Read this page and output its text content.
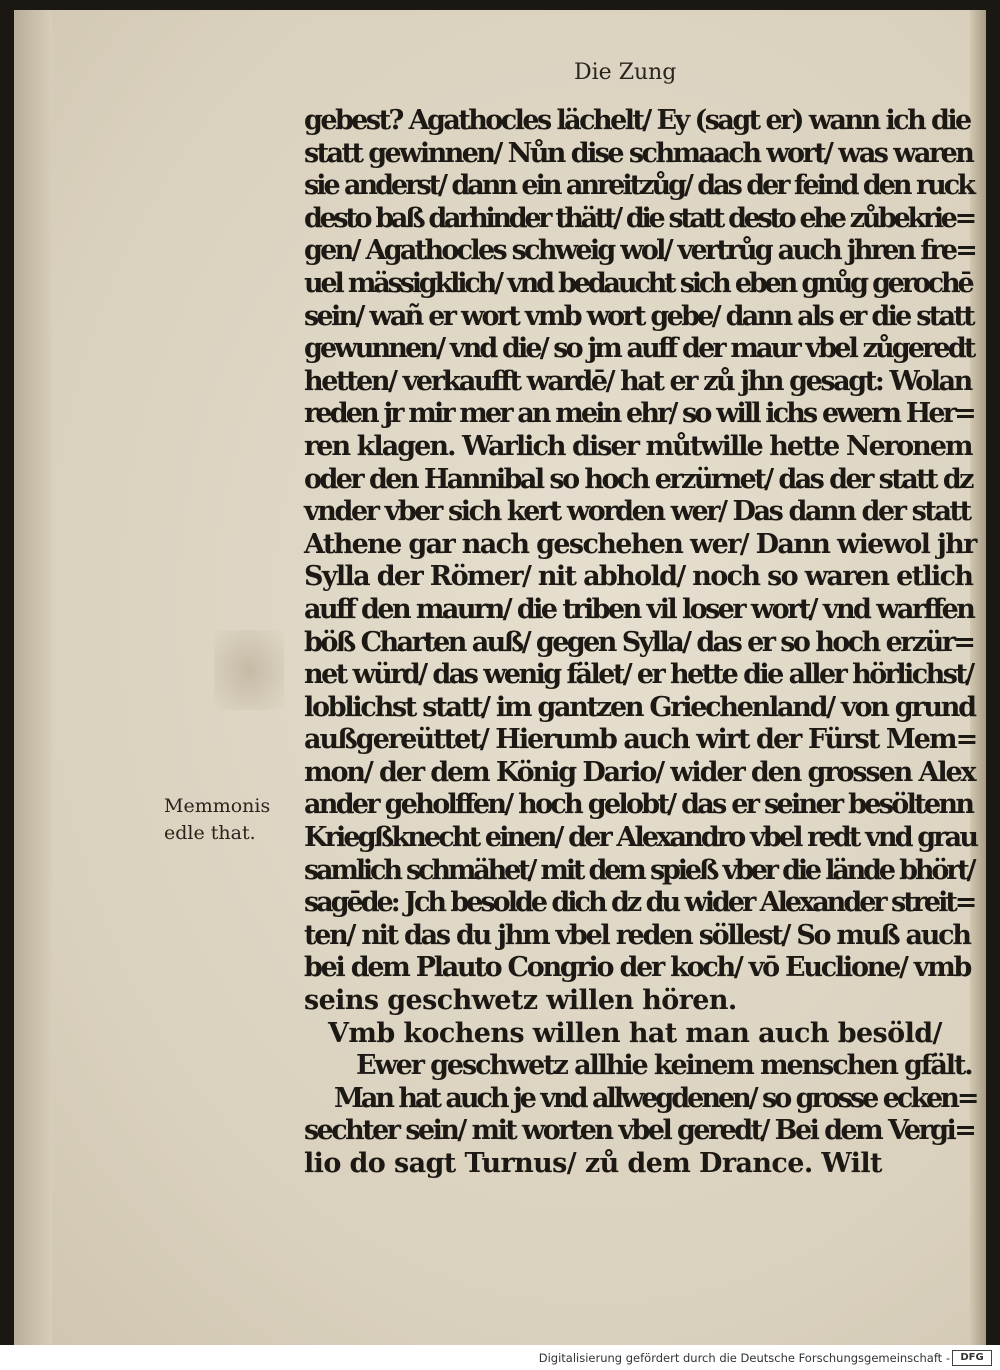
Die Zung
Memmonis
edle that.
gebest? Agathocles lächelt/ Ey (sagt er) wann ich die
statt gewinnen/ Nůn dise schmaach wort/ was waren
sie anderst/ dann ein anreitzůg/ das der feind den ruck
desto baß darhinder thätt/ die statt desto ehe zůbekrie=
gen/ Agathocles schweig wol/ vertrůg auch jhren fre=
uel mässigklich/ vnd bedaucht sich eben gnůg gerochē
sein/ wañ er wort vmb wort gebe/ dann als er die statt
gewunnen/ vnd die/ so jm auff der maur vbel zůgeredt
hetten/ verkaufft wardē/ hat er zů jhn gesagt: Wolan
reden jr mir mer an mein ehr/ so will ichs ewern Her=
ren klagen. Warlich diser můtwille hette Neronem
oder den Hannibal so hoch erzürnet/ das der statt dz
vnder vber sich kert worden wer/ Das dann der statt
Athene gar nach geschehen wer/ Dann wiewol jhr
Sylla der Römer/ nit abhold/ noch so waren etlich
auff den maurn/ die triben vil loser wort/ vnd warffen
böß Charten auß/ gegen Sylla/ das er so hoch erzür=
net würd/ das wenig fälet/ er hette die aller hörlichst/
loblichst statt/ im gantzen Griechenland/ von grund
außgereüttet/ Hierumb auch wirt der Fürst Mem=
mon/ der dem König Dario/ wider den grossen Alex
ander geholffen/ hoch gelobt/ das er seiner besöltenn
Kriegßknecht einen/ der Alexandro vbel redt vnd grau
samlich schmähet/ mit dem spieß vber die lände bhört/
sagēde: Jch besolde dich dz du wider Alexander streit=
ten/ nit das du jhm vbel reden söllest/ So muß auch
bei dem Plauto Congrio der koch/ vō Euclione/ vmb
seins geschwetz willen hören.
Vmb kochens willen hat man auch besöld/
Ewer geschwetz allhie keinem menschen gfält.
Man hat auch je vnd allwegdenen/ so grosse ecken=
sechter sein/ mit worten vbel geredt/ Bei dem Vergi=
lio do sagt Turnus/ zů dem Drance. Wilt
Digitalisierung gefördert durch die Deutsche Forschungsgemeinschaft -	DFG
